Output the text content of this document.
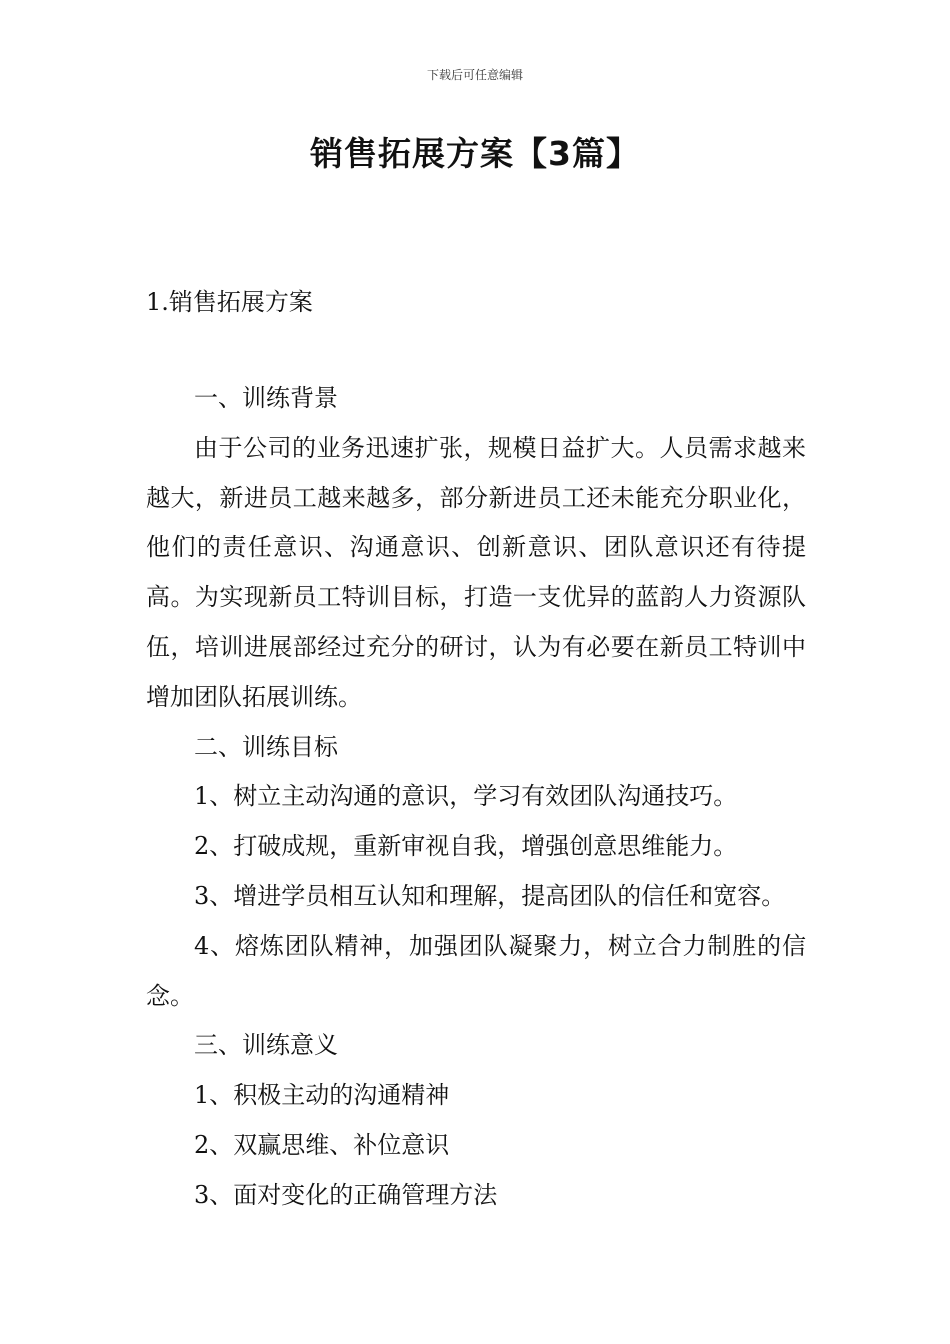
下载后可任意编辑
销售拓展方案【3篇】
1.销售拓展方案

一、训练背景

由于公司的业务迅速扩张，规模日益扩大。人员需求越来越大，新进员工越来越多，部分新进员工还未能充分职业化，他们的责任意识、沟通意识、创新意识、团队意识还有待提高。为实现新员工特训目标，打造一支优异的蓝韵人力资源队伍，培训进展部经过充分的研讨，认为有必要在新员工特训中增加团队拓展训练。

二、训练目标

1、树立主动沟通的意识，学习有效团队沟通技巧。

2、打破成规，重新审视自我，增强创意思维能力。

3、增进学员相互认知和理解，提高团队的信任和宽容。

4、熔炼团队精神，加强团队凝聚力，树立合力制胜的信念。

三、训练意义

1、积极主动的沟通精神

2、双赢思维、补位意识

3、面对变化的正确管理方法
